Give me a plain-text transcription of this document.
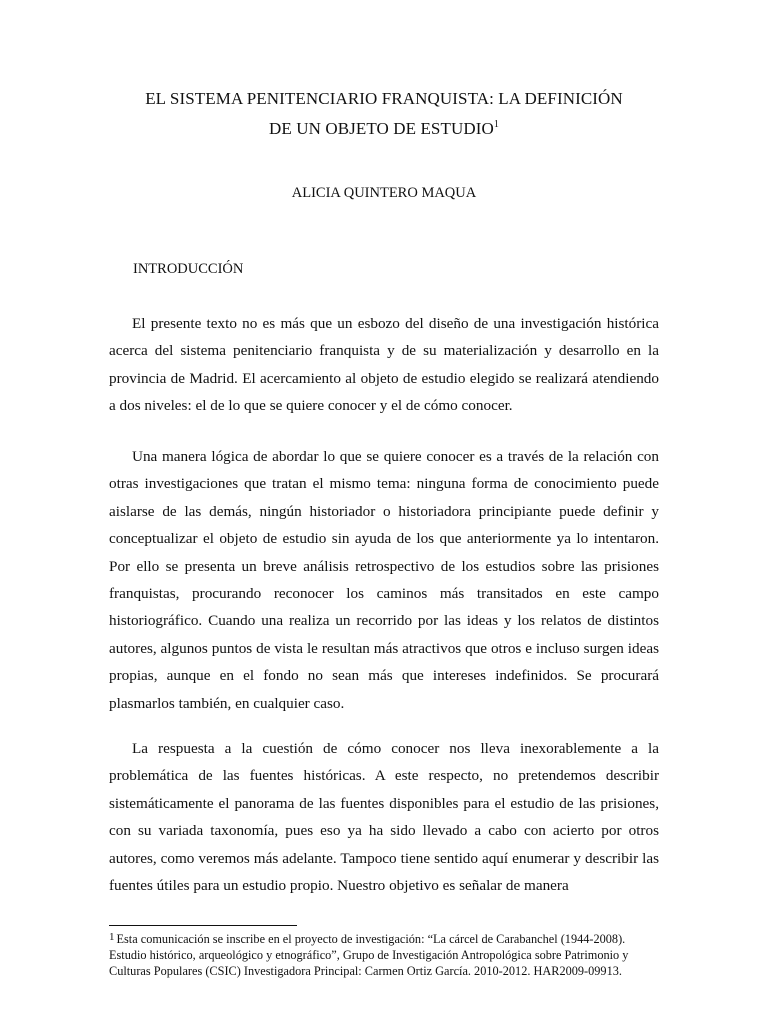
EL SISTEMA PENITENCIARIO FRANQUISTA: LA DEFINICIÓN
DE UN OBJETO DE ESTUDIO$^1$

ALICIA QUINTERO MAQUA

INTRODUCCIÓN

El presente texto no es más que un esbozo del diseño de una investigación histórica acerca del sistema penitenciario franquista y de su materialización y desarrollo en la provincia de Madrid. El acercamiento al objeto de estudio elegido se realizará atendiendo a dos niveles: el de lo que se quiere conocer y el de cómo conocer.

Una manera lógica de abordar lo que se quiere conocer es a través de la relación con otras investigaciones que tratan el mismo tema: ninguna forma de conocimiento puede aislarse de las demás, ningún historiador o historiadora principiante puede definir y conceptualizar el objeto de estudio sin ayuda de los que anteriormente ya lo intentaron. Por ello se presenta un breve análisis retrospectivo de los estudios sobre las prisiones franquistas, procurando reconocer los caminos más transitados en este campo historiográfico. Cuando una realiza un recorrido por las ideas y los relatos de distintos autores, algunos puntos de vista le resultan más atractivos que otros e incluso surgen ideas propias, aunque en el fondo no sean más que intereses indefinidos. Se procurará plasmarlos también, en cualquier caso.

La respuesta a la cuestión de cómo conocer nos lleva inexorablemente a la problemática de las fuentes históricas. A este respecto, no pretendemos describir sistemáticamente el panorama de las fuentes disponibles para el estudio de las prisiones, con su variada taxonomía, pues eso ya ha sido llevado a cabo con acierto por otros autores, como veremos más adelante. Tampoco tiene sentido aquí enumerar y describir las fuentes útiles para un estudio propio. Nuestro objetivo es señalar de manera

$^1$ Esta comunicación se inscribe en el proyecto de investigación: “La cárcel de Carabanchel (1944-2008). Estudio histórico, arqueológico y etnográfico”, Grupo de Investigación Antropológica sobre Patrimonio y Culturas Populares (CSIC) Investigadora Principal: Carmen Ortiz García. 2010-2012. HAR2009-09913.
